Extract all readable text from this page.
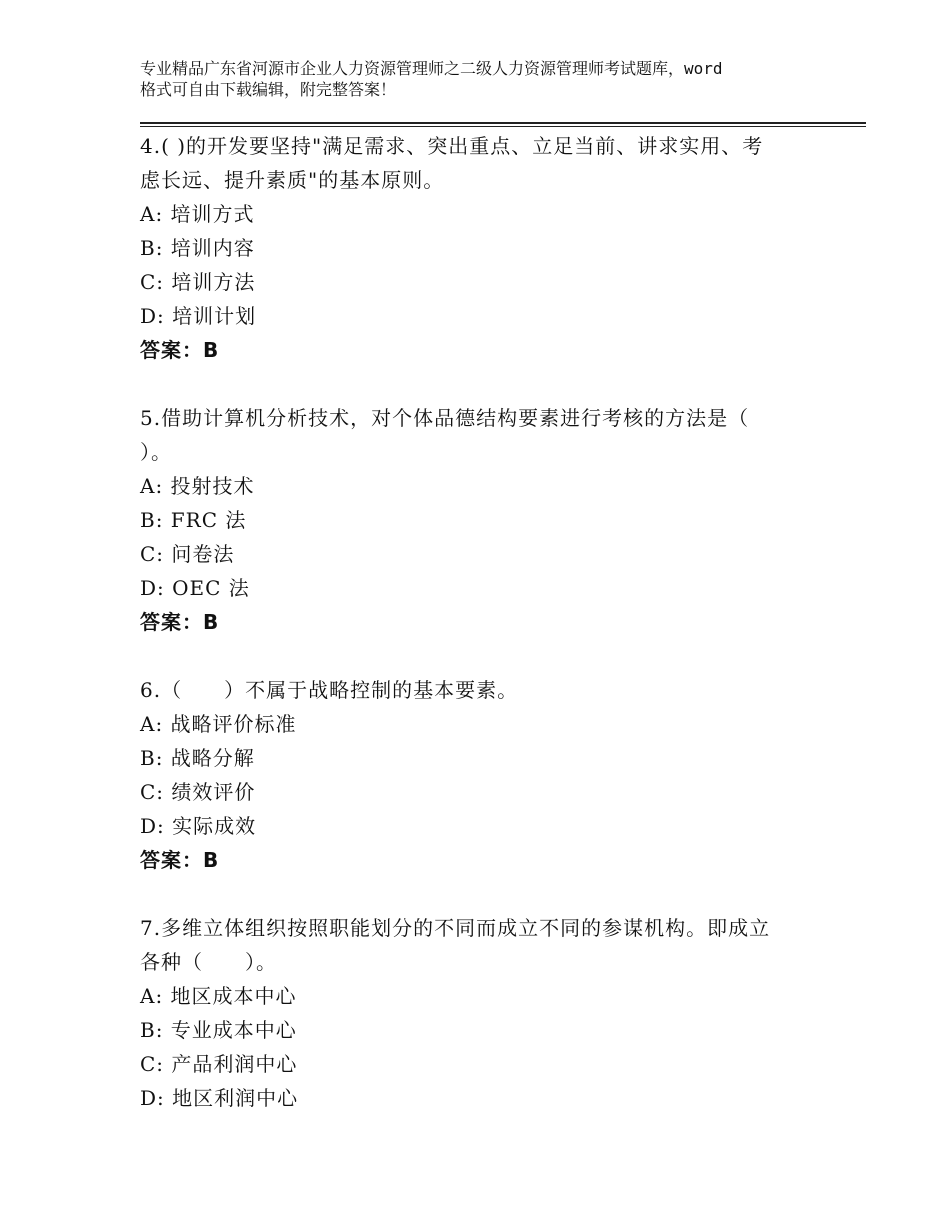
专业精品广东省河源市企业人力资源管理师之二级人力资源管理师考试题库，word
格式可自由下载编辑，附完整答案！
4.( )的开发要坚持"满足需求、突出重点、立足当前、讲求实用、考
虑长远、提升素质"的基本原则。
A: 培训方式
B: 培训内容
C: 培训方法
D: 培训计划
答案：B
5.借助计算机分析技术，对个体品德结构要素进行考核的方法是（
）。
A: 投射技术
B: FRC 法
C: 问卷法
D: OEC 法
答案：B
6.（　　）不属于战略控制的基本要素。
A: 战略评价标准
B: 战略分解
C: 绩效评价
D: 实际成效
答案：B
7.多维立体组织按照职能划分的不同而成立不同的参谋机构。即成立
各种（　　）。
A: 地区成本中心
B: 专业成本中心
C: 产品利润中心
D: 地区利润中心
